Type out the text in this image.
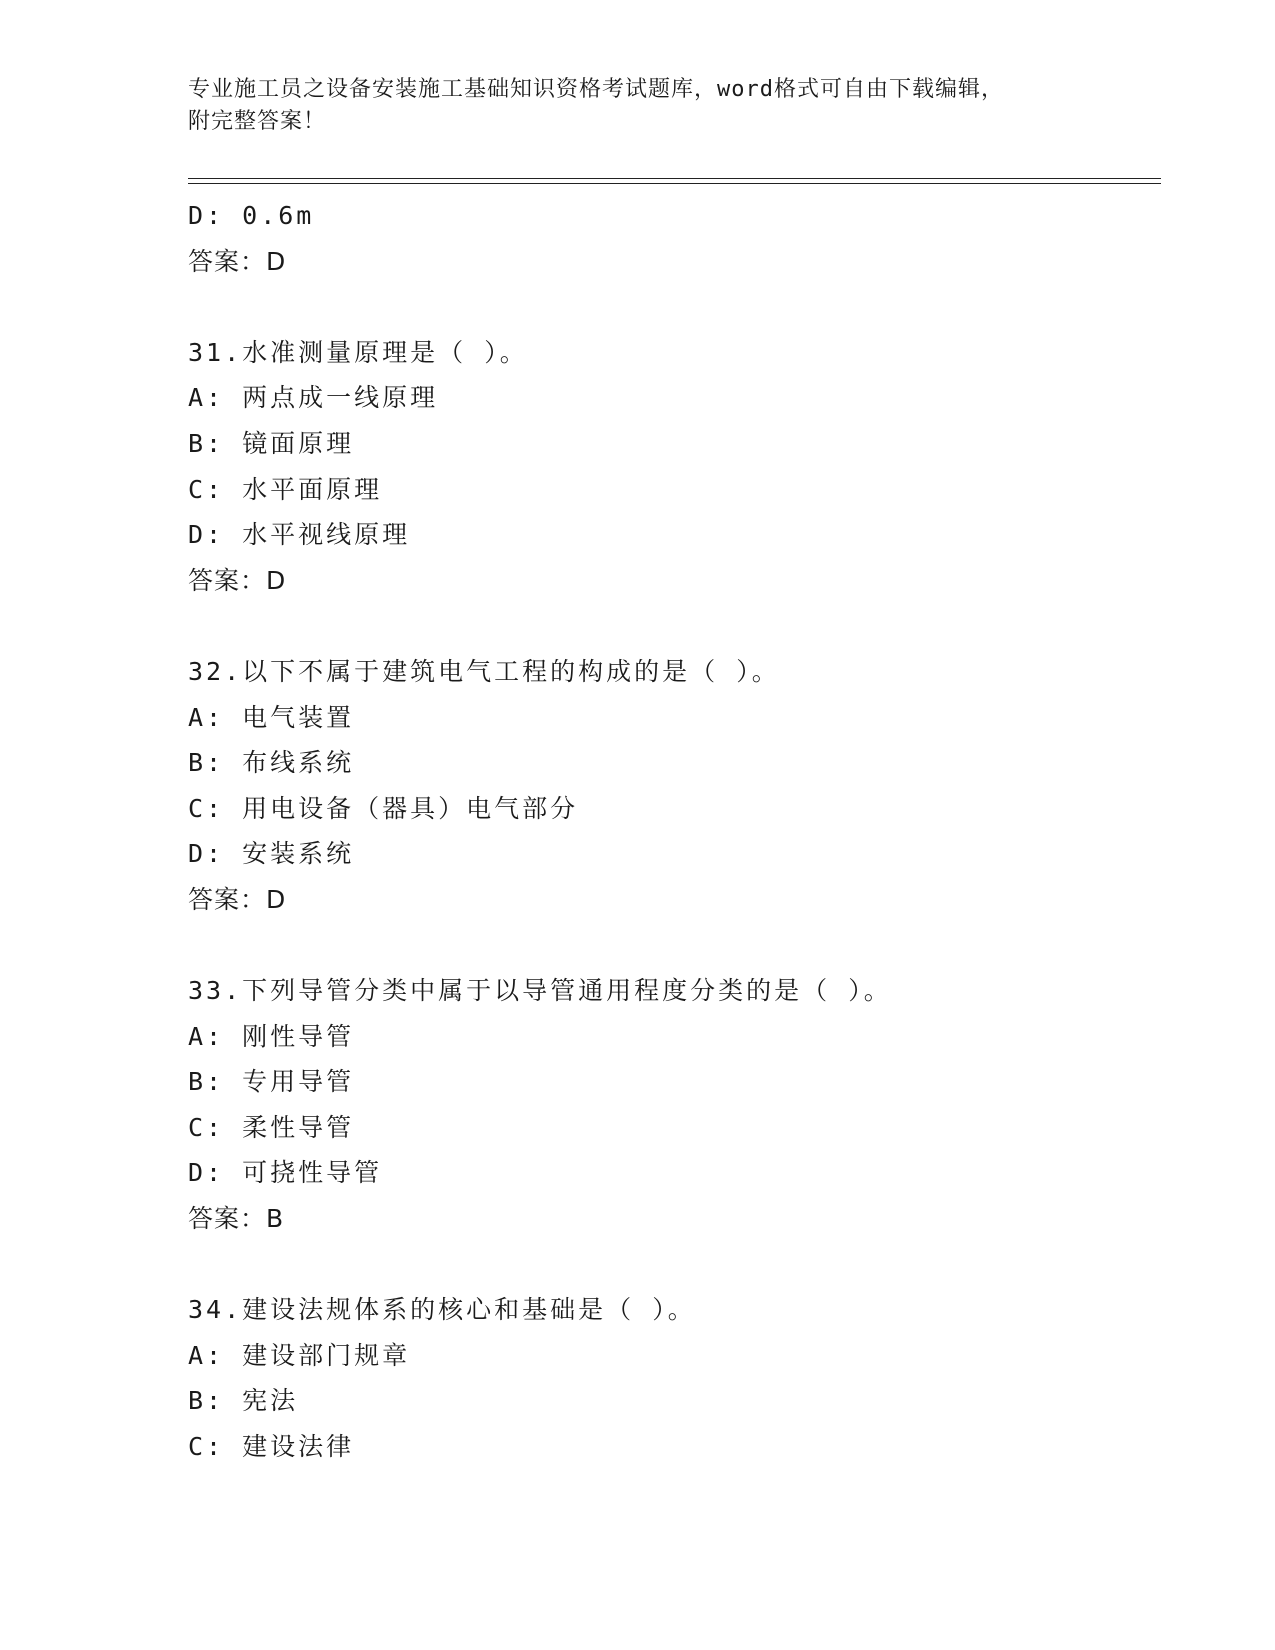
专业施工员之设备安装施工基础知识资格考试题库，word格式可自由下载编辑，
附完整答案！
D: 0.6m
答案：D
31.水准测量原理是（ ）。
A: 两点成一线原理
B: 镜面原理
C: 水平面原理
D: 水平视线原理
答案：D
32.以下不属于建筑电气工程的构成的是（ ）。
A: 电气装置
B: 布线系统
C: 用电设备（器具）电气部分
D: 安装系统
答案：D
33.下列导管分类中属于以导管通用程度分类的是（ ）。
A: 刚性导管
B: 专用导管
C: 柔性导管
D: 可挠性导管
答案：B
34.建设法规体系的核心和基础是（ ）。
A: 建设部门规章
B: 宪法
C: 建设法律
